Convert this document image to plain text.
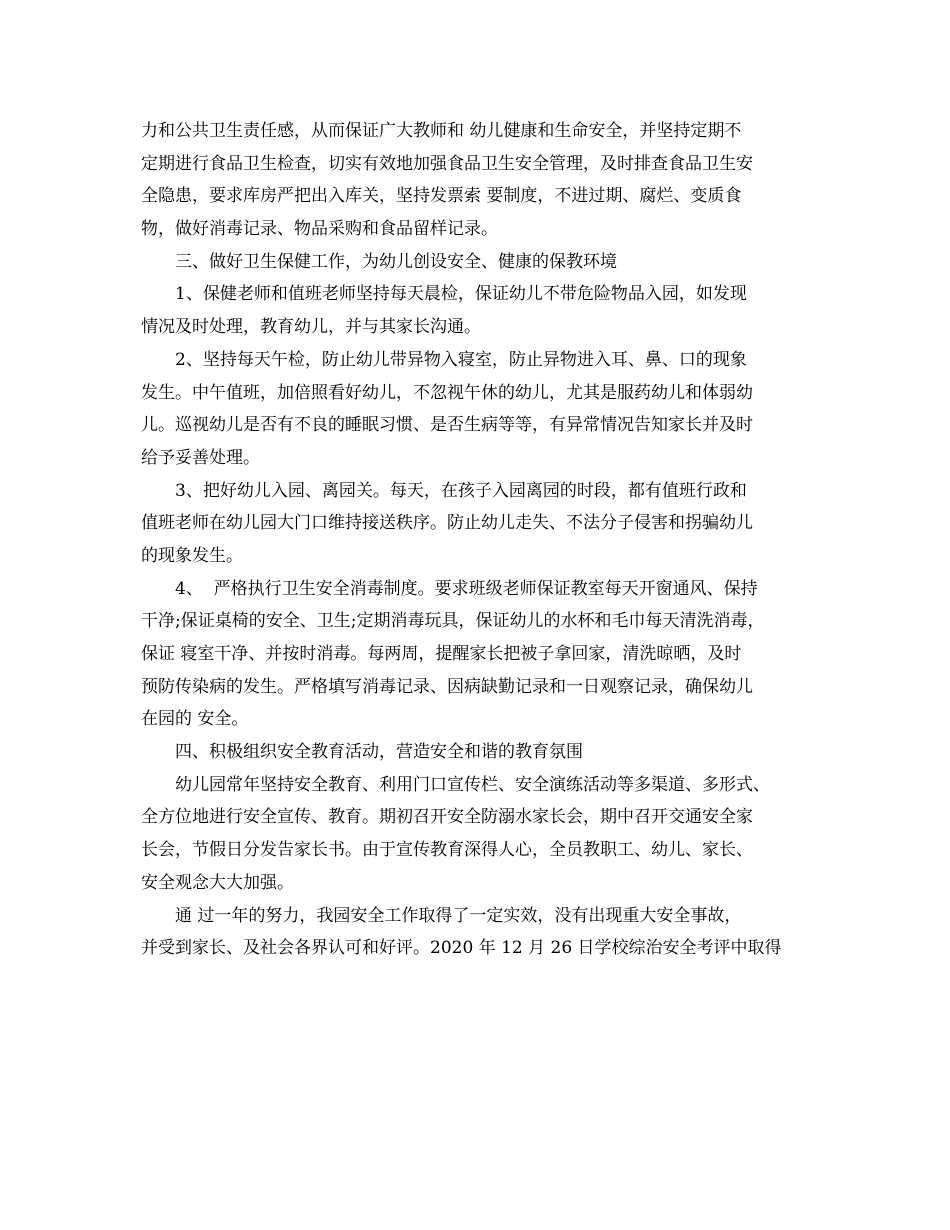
力和公共卫生责任感，从而保证广大教师和 幼儿健康和生命安全，并坚持定期不
定期进行食品卫生检查，切实有效地加强食品卫生安全管理，及时排查食品卫生安
全隐患，要求库房严把出入库关，坚持发票索 要制度，不进过期、腐烂、变质食
物，做好消毒记录、物品采购和食品留样记录。
三、做好卫生保健工作，为幼儿创设安全、健康的保教环境
1、保健老师和值班老师坚持每天晨检，保证幼儿不带危险物品入园，如发现
情况及时处理，教育幼儿，并与其家长沟通。
2、坚持每天午检，防止幼儿带异物入寝室，防止异物进入耳、鼻、口的现象
发生。中午值班，加倍照看好幼儿，不忽视午休的幼儿，尤其是服药幼儿和体弱幼
儿。巡视幼儿是否有不良的睡眠习惯、是否生病等等，有异常情况告知家长并及时
给予妥善处理。
3、把好幼儿入园、离园关。每天，在孩子入园离园的时段，都有值班行政和
值班老师在幼儿园大门口维持接送秩序。防止幼儿走失、不法分子侵害和拐骗幼儿
的现象发生。
4、  严格执行卫生安全消毒制度。要求班级老师保证教室每天开窗通风、保持
干净;保证桌椅的安全、卫生;定期消毒玩具，保证幼儿的水杯和毛巾每天清洗消毒，
保证 寝室干净、并按时消毒。每两周，提醒家长把被子拿回家，清洗晾晒，及时
预防传染病的发生。严格填写消毒记录、因病缺勤记录和一日观察记录，确保幼儿
在园的 安全。
四、积极组织安全教育活动，营造安全和谐的教育氛围
幼儿园常年坚持安全教育、利用门口宣传栏、安全演练活动等多渠道、多形式、
全方位地进行安全宣传、教育。期初召开安全防溺水家长会，期中召开交通安全家
长会，节假日分发告家长书。由于宣传教育深得人心，全员教职工、幼儿、家长、
安全观念大大加强。
通 过一年的努力，我园安全工作取得了一定实效，没有出现重大安全事故，
并受到家长、及社会各界认可和好评。2020 年 12 月 26 日学校综治安全考评中取得
